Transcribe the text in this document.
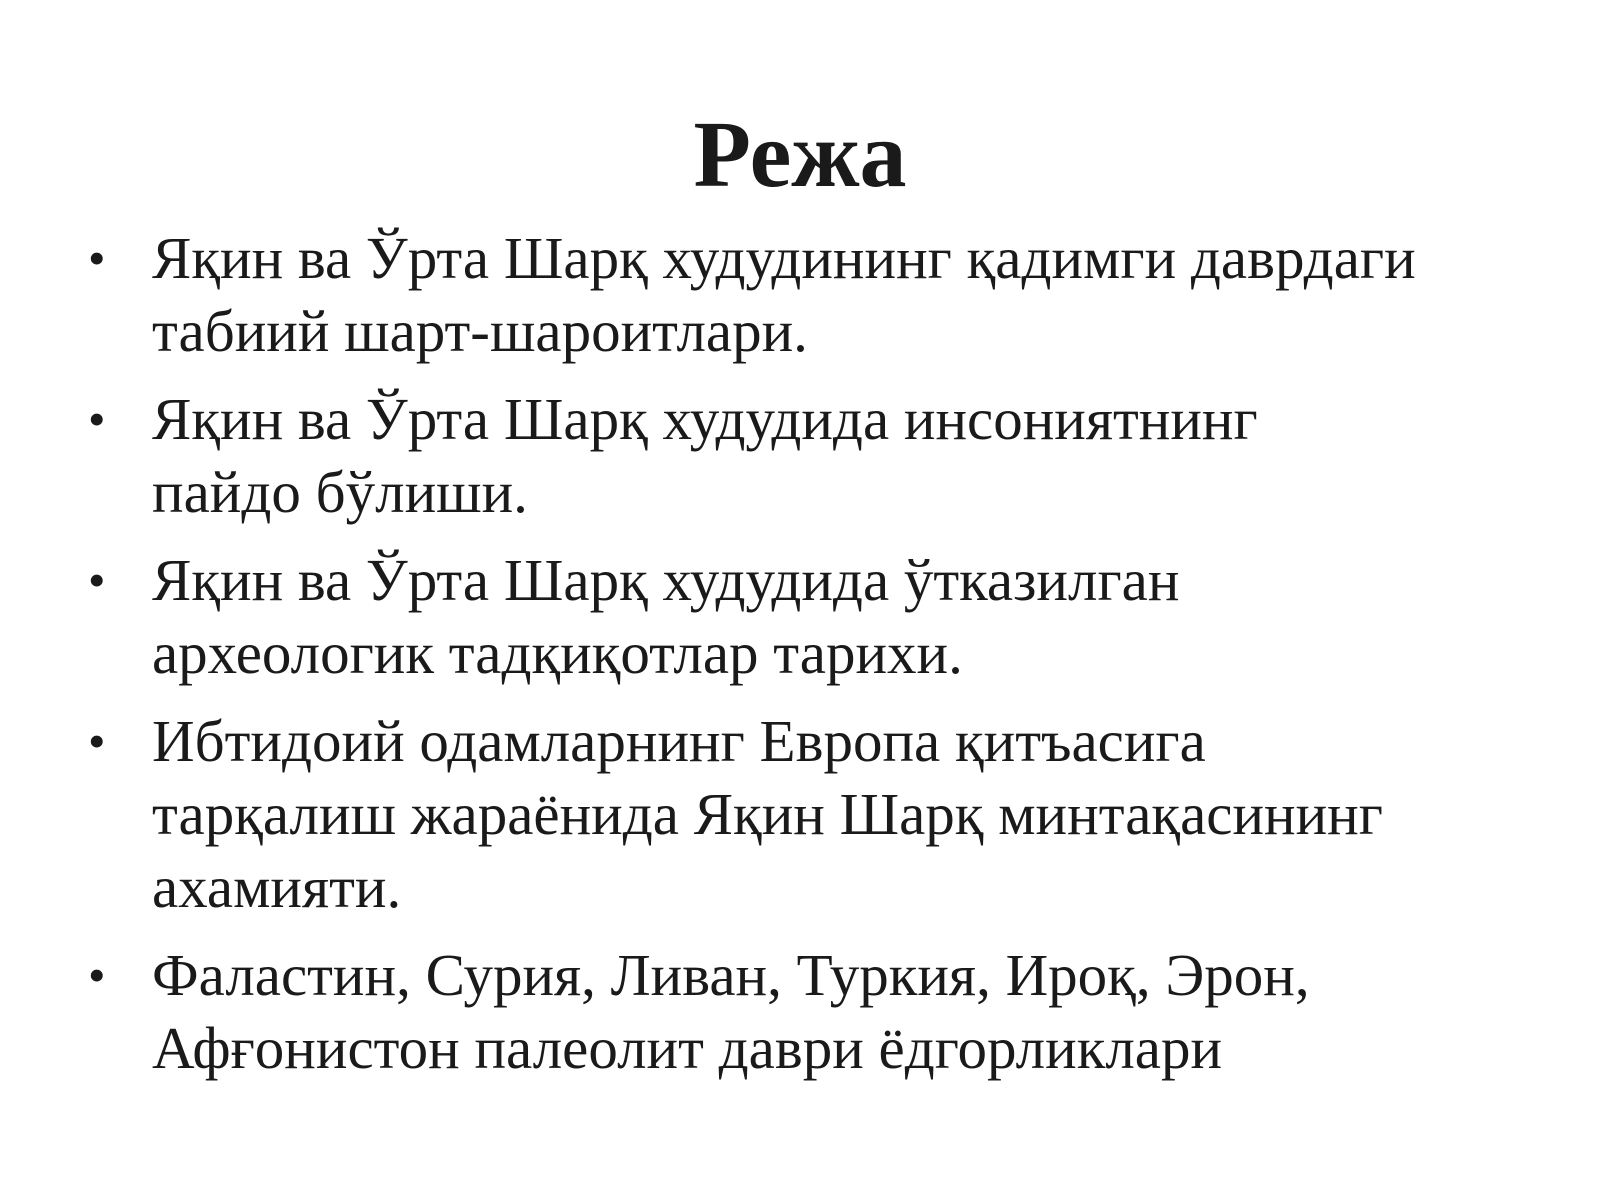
Режа
• Яқин ва Ўрта Шарқ худудининг қадимги даврдаги
табиий шарт-шароитлари.
• Яқин ва Ўрта Шарқ худудида инсониятнинг
пайдо бўлиши.
• Яқин ва Ўрта Шарқ худудида ўтказилган
археологик тадқиқотлар тарихи.
• Ибтидоий одамларнинг Европа қитъасига
тарқалиш жараёнида Яқин Шарқ минтақасининг
ахамияти.
• Фаластин, Сурия, Ливан, Туркия, Ироқ, Эрон,
Афғонистон палеолит даври ёдгорликлари
